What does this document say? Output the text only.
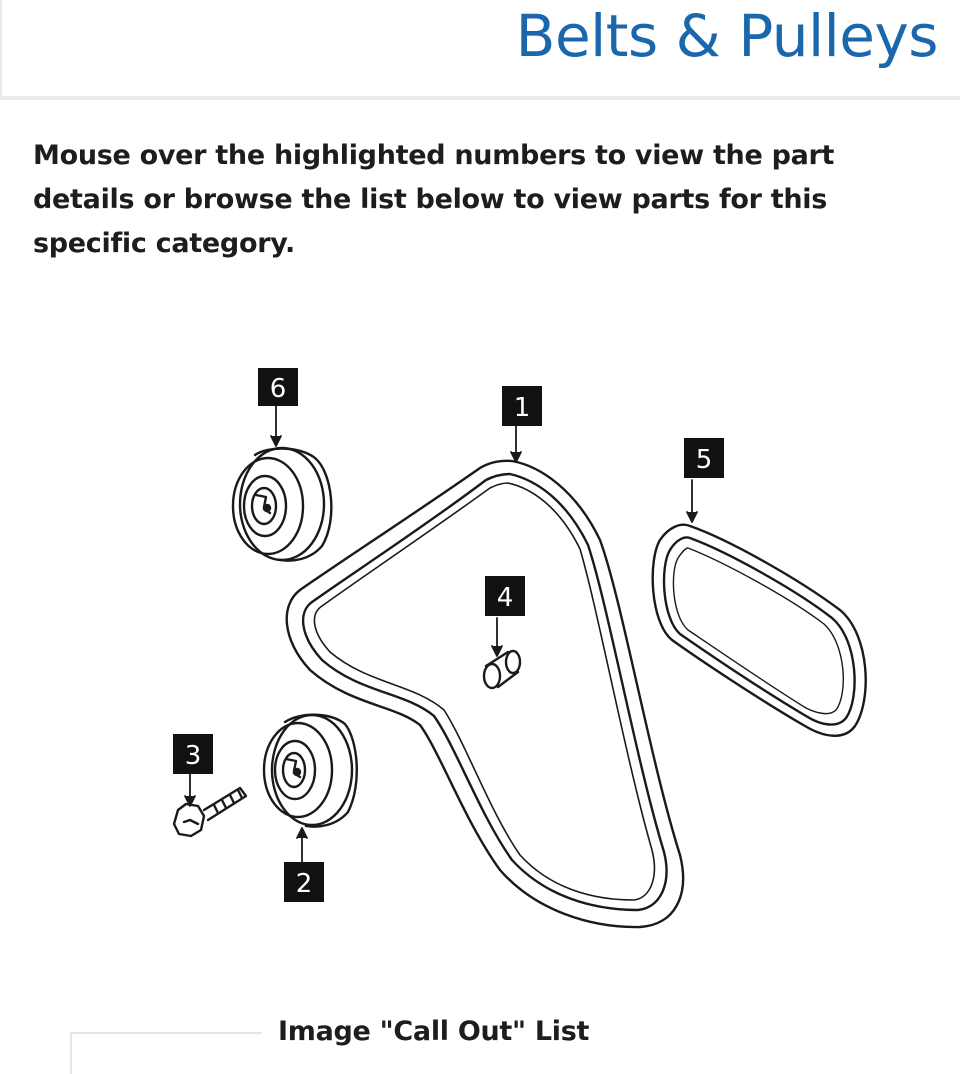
Belts & Pulleys

Mouse over the highlighted numbers to view the part details or browse the list below to view parts for this specific category.

6
1
5
4
3
2
Image "Call Out" List
